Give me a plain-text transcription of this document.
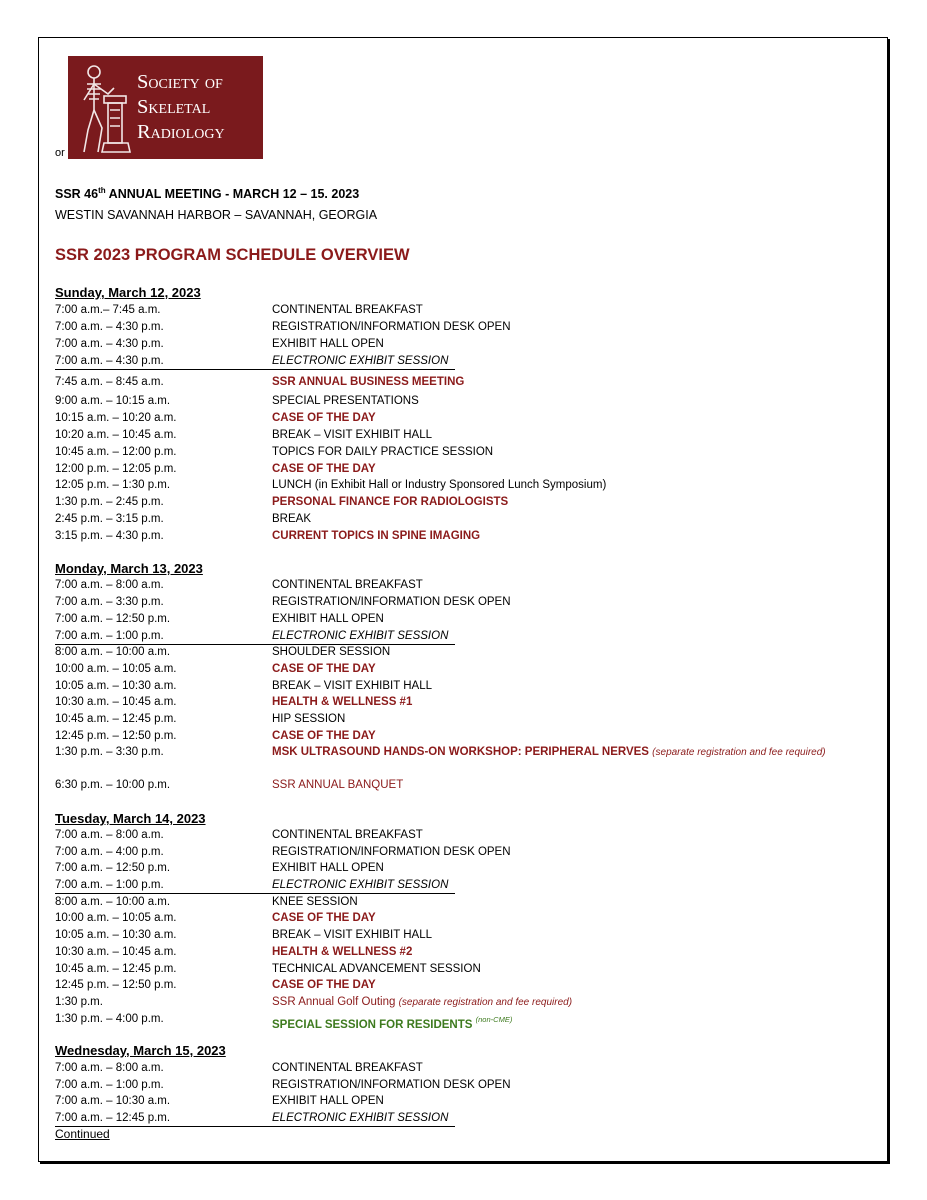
Society of
Skeletal
Radiology
or
SSR 46th ANNUAL MEETING - MARCH 12 – 15. 2023
WESTIN SAVANNAH HARBOR – SAVANNAH, GEORGIA
SSR 2023 PROGRAM SCHEDULE OVERVIEW
Sunday, March 12, 2023
7:00 a.m.– 7:45 a.m.	CONTINENTAL BREAKFAST
7:00 a.m. – 4:30 p.m.	REGISTRATION/INFORMATION DESK OPEN
7:00 a.m. – 4:30 p.m.	EXHIBIT HALL OPEN
7:00 a.m. – 4:30 p.m.	ELECTRONIC EXHIBIT SESSION
7:45 a.m. – 8:45 a.m.	SSR ANNUAL BUSINESS MEETING
9:00 a.m. – 10:15 a.m.	SPECIAL PRESENTATIONS
10:15 a.m. – 10:20 a.m.	CASE OF THE DAY
10:20 a.m. – 10:45 a.m.	BREAK – VISIT EXHIBIT HALL
10:45 a.m. – 12:00 p.m.	TOPICS FOR DAILY PRACTICE SESSION
12:00 p.m. – 12:05 p.m.	CASE OF THE DAY
12:05 p.m. – 1:30 p.m.	LUNCH (in Exhibit Hall or Industry Sponsored Lunch Symposium)
1:30 p.m. – 2:45 p.m.	PERSONAL FINANCE FOR RADIOLOGISTS
2:45 p.m. – 3:15 p.m.	BREAK
3:15 p.m. – 4:30 p.m.	CURRENT TOPICS IN SPINE IMAGING
Monday, March 13, 2023
7:00 a.m. – 8:00 a.m.	CONTINENTAL BREAKFAST
7:00 a.m. – 3:30 p.m.	REGISTRATION/INFORMATION DESK OPEN
7:00 a.m. – 12:50 p.m.	EXHIBIT HALL OPEN
7:00 a.m. – 1:00 p.m.	ELECTRONIC EXHIBIT SESSION
8:00 a.m. – 10:00 a.m.	SHOULDER SESSION
10:00 a.m. – 10:05 a.m.	CASE OF THE DAY
10:05 a.m. – 10:30 a.m.	BREAK – VISIT EXHIBIT HALL
10:30 a.m. – 10:45 a.m.	HEALTH & WELLNESS #1
10:45 a.m. – 12:45 p.m.	HIP SESSION
12:45 p.m. – 12:50 p.m.	CASE OF THE DAY
1:30 p.m. – 3:30 p.m.	MSK ULTRASOUND HANDS-ON WORKSHOP: PERIPHERAL NERVES (separate registration and fee required)
6:30 p.m. – 10:00 p.m.	SSR ANNUAL BANQUET
Tuesday, March 14, 2023
7:00 a.m. – 8:00 a.m.	CONTINENTAL BREAKFAST
7:00 a.m. – 4:00 p.m.	REGISTRATION/INFORMATION DESK OPEN
7:00 a.m. – 12:50 p.m.	EXHIBIT HALL OPEN
7:00 a.m. – 1:00 p.m.	ELECTRONIC EXHIBIT SESSION
8:00 a.m. – 10:00 a.m.	KNEE SESSION
10:00 a.m. – 10:05 a.m.	CASE OF THE DAY
10:05 a.m. – 10:30 a.m.	BREAK – VISIT EXHIBIT HALL
10:30 a.m. – 10:45 a.m.	HEALTH & WELLNESS #2
10:45 a.m. – 12:45 p.m.	TECHNICAL ADVANCEMENT SESSION
12:45 p.m. – 12:50 p.m.	CASE OF THE DAY
1:30 p.m.	SSR Annual Golf Outing (separate registration and fee required)
1:30 p.m. – 4:00 p.m.	SPECIAL SESSION FOR RESIDENTS $^{(non-CME)}$
Wednesday, March 15, 2023
7:00 a.m. – 8:00 a.m.	CONTINENTAL BREAKFAST
7:00 a.m. – 1:00 p.m.	REGISTRATION/INFORMATION DESK OPEN
7:00 a.m. – 10:30 a.m.	EXHIBIT HALL OPEN
7:00 a.m. – 12:45 p.m.	ELECTRONIC EXHIBIT SESSION
Continued
